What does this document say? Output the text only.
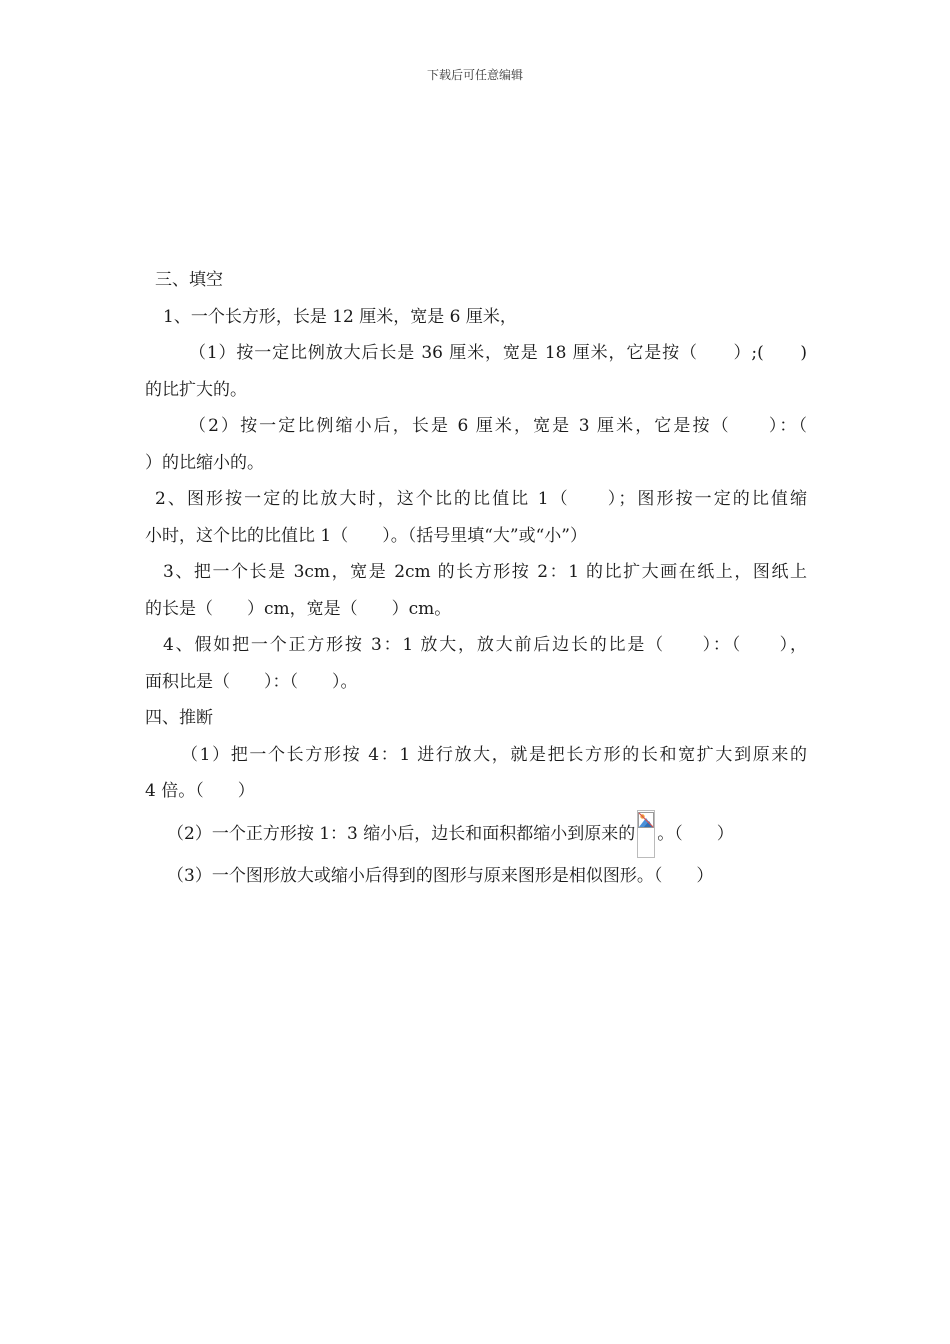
下载后可任意编辑
三、填空
1、一个长方形，长是 12 厘米，宽是 6 厘米，
（1）按一定比例放大后长是 36 厘米，宽是 18 厘米，它是按（　　）;(　　)
的比扩大的。
（2）按一定比例缩小后，长是 6 厘米，宽是 3 厘米，它是按（　　）：（
）的比缩小的。
2、图形按一定的比放大时，这个比的比值比 1（　　）；图形按一定的比值缩
小时，这个比的比值比 1（　　）。（括号里填“大”或“小”）
3、把一个长是 3cm，宽是 2cm 的长方形按 2：1 的比扩大画在纸上，图纸上
的长是（　　）cm，宽是（　　）cm。
4、假如把一个正方形按 3：1 放大，放大前后边长的比是（　　）：（　　），
面积比是（　　）：（　　）。
四、推断
（1）把一个长方形按 4：1 进行放大，就是把长方形的长和宽扩大到原来的
4 倍。（　　）
（2）一个正方形按 1：3 缩小后，边长和面积都缩小到原来的 。（　　）
（3）一个图形放大或缩小后得到的图形与原来图形是相似图形。（　　）
